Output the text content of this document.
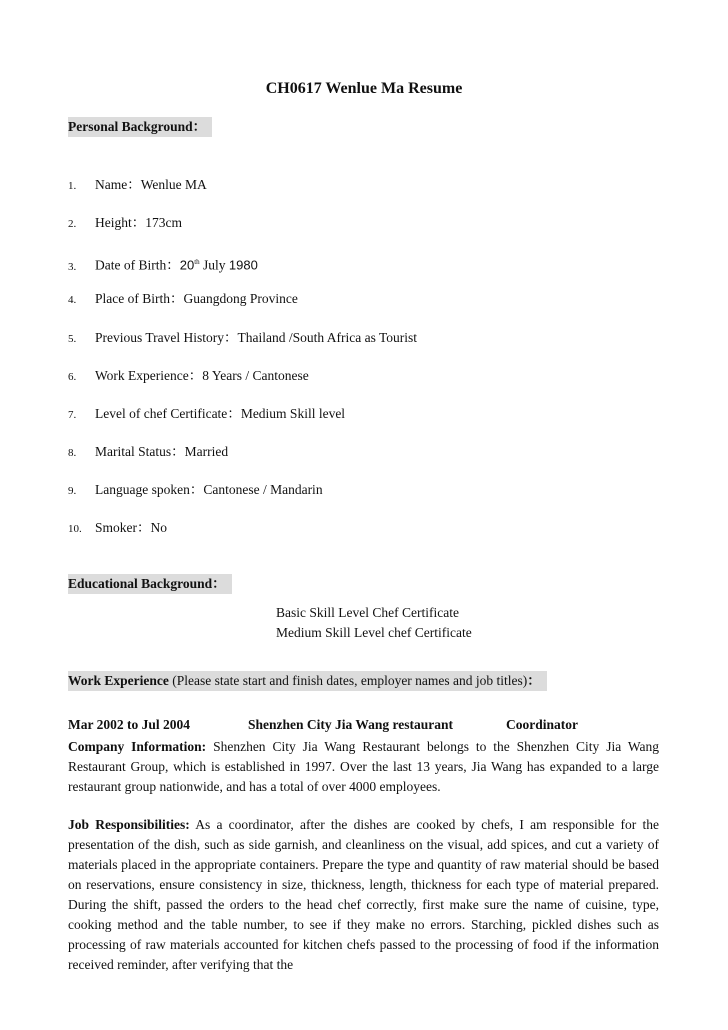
CH0617 Wenlue Ma Resume
Personal Background：
1. Name：Wenlue MA
2. Height：173cm
3. Date of Birth：20th July 1980
4. Place of Birth：Guangdong Province
5. Previous Travel History：Thailand /South Africa as Tourist
6. Work Experience：8 Years / Cantonese
7. Level of chef Certificate：Medium Skill level
8. Marital Status：Married
9. Language spoken：Cantonese / Mandarin
10. Smoker：No
Educational Background：
Basic Skill Level Chef Certificate
Medium Skill Level chef Certificate
Work Experience (Please state start and finish dates, employer names and job titles)：
Mar 2002 to Jul 2004	Shenzhen City Jia Wang restaurant	Coordinator
Company Information: Shenzhen City Jia Wang Restaurant belongs to the Shenzhen City Jia Wang Restaurant Group, which is established in 1997. Over the last 13 years, Jia Wang has expanded to a large restaurant group nationwide, and has a total of over 4000 employees.
Job Responsibilities: As a coordinator, after the dishes are cooked by chefs, I am responsible for the presentation of the dish, such as side garnish, and cleanliness on the visual, add spices, and cut a variety of materials placed in the appropriate containers. Prepare the type and quantity of raw material should be based on reservations, ensure consistency in size, thickness, length, thickness for each type of material prepared. During the shift, passed the orders to the head chef correctly, first make sure the name of cuisine, type, cooking method and the table number, to see if they make no errors. Starching, pickled dishes such as processing of raw materials accounted for kitchen chefs passed to the processing of food if the information received reminder, after verifying that the
